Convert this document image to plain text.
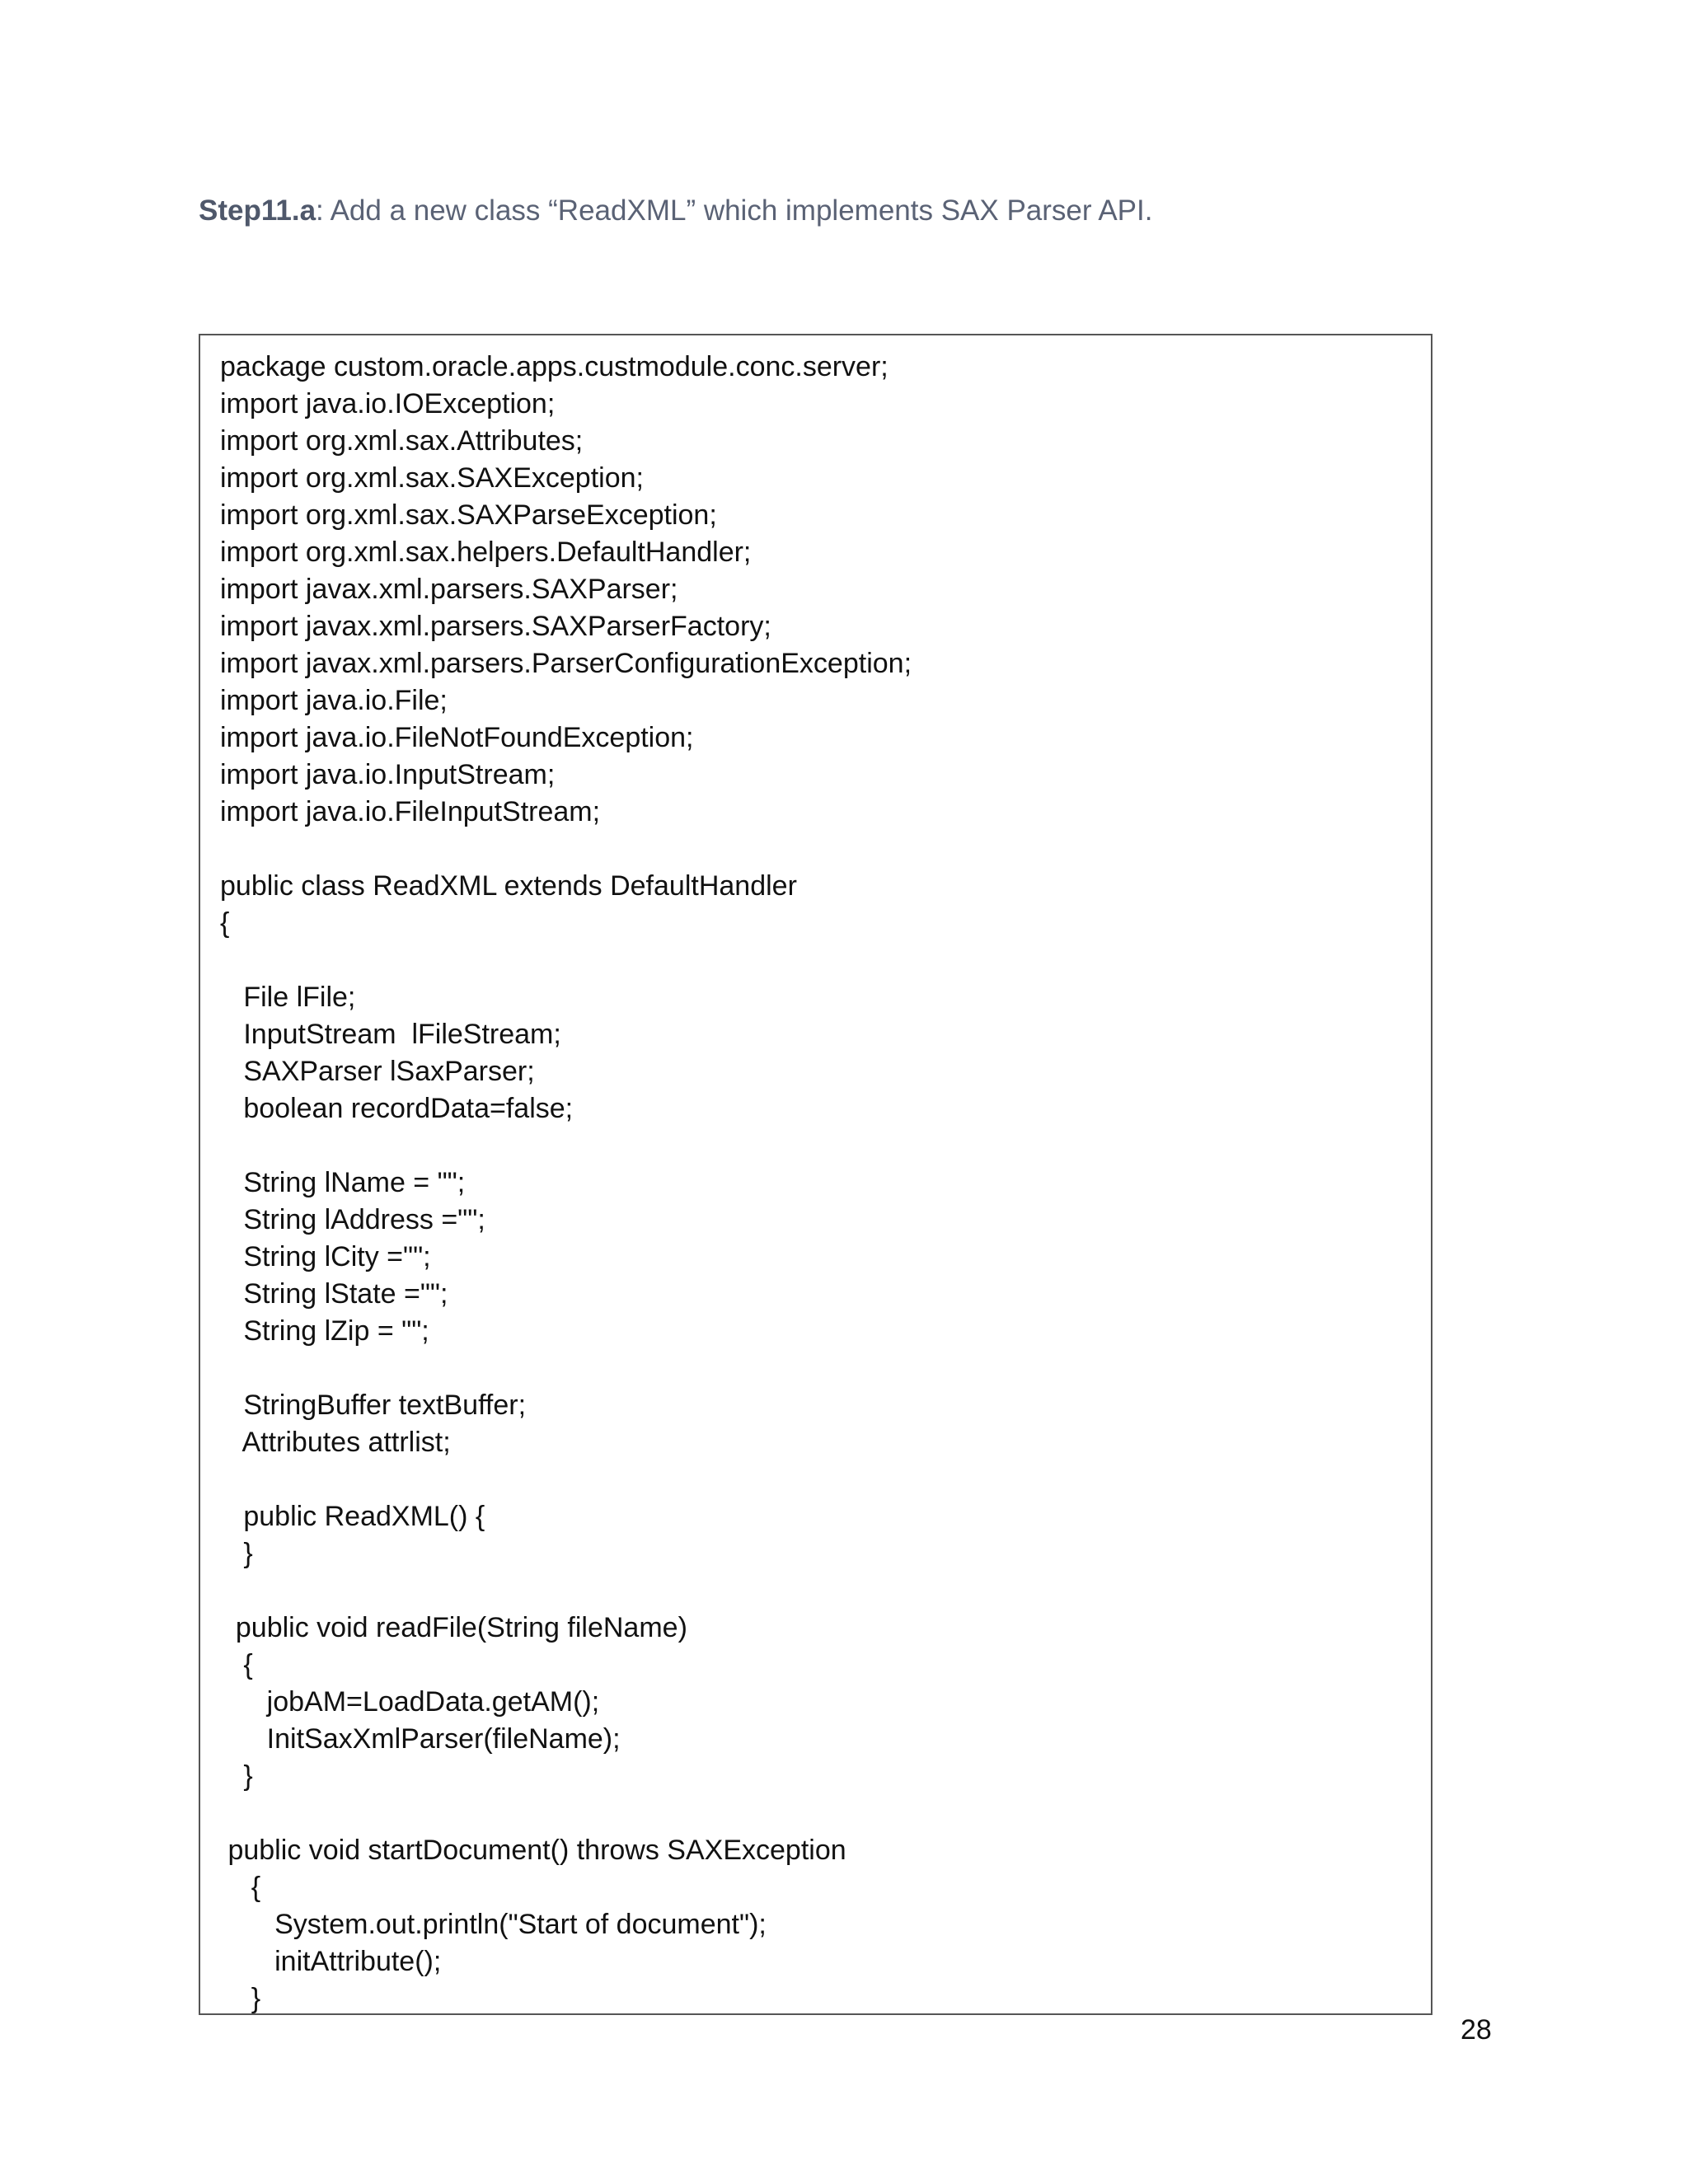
Step11.a: Add a new class “ReadXML” which implements SAX Parser API.
package custom.oracle.apps.custmodule.conc.server;
import java.io.IOException;
import org.xml.sax.Attributes;
import org.xml.sax.SAXException;
import org.xml.sax.SAXParseException;
import org.xml.sax.helpers.DefaultHandler;
import javax.xml.parsers.SAXParser;
import javax.xml.parsers.SAXParserFactory;
import javax.xml.parsers.ParserConfigurationException;
import java.io.File;
import java.io.FileNotFoundException;
import java.io.InputStream;
import java.io.FileInputStream;
public class ReadXML extends DefaultHandler
{
File lFile;
InputStream  lFileStream;
SAXParser lSaxParser;
boolean recordData=false;
String lName = "";
String lAddress ="";
String lCity ="";
String lState ="";
String lZip = "";
StringBuffer textBuffer;
Attributes attrlist;
public ReadXML() {
}
public void readFile(String fileName)
{
jobAM=LoadData.getAM();
InitSaxXmlParser(fileName);
}
public void startDocument() throws SAXException
{
System.out.println("Start of document");
initAttribute();
}
28
